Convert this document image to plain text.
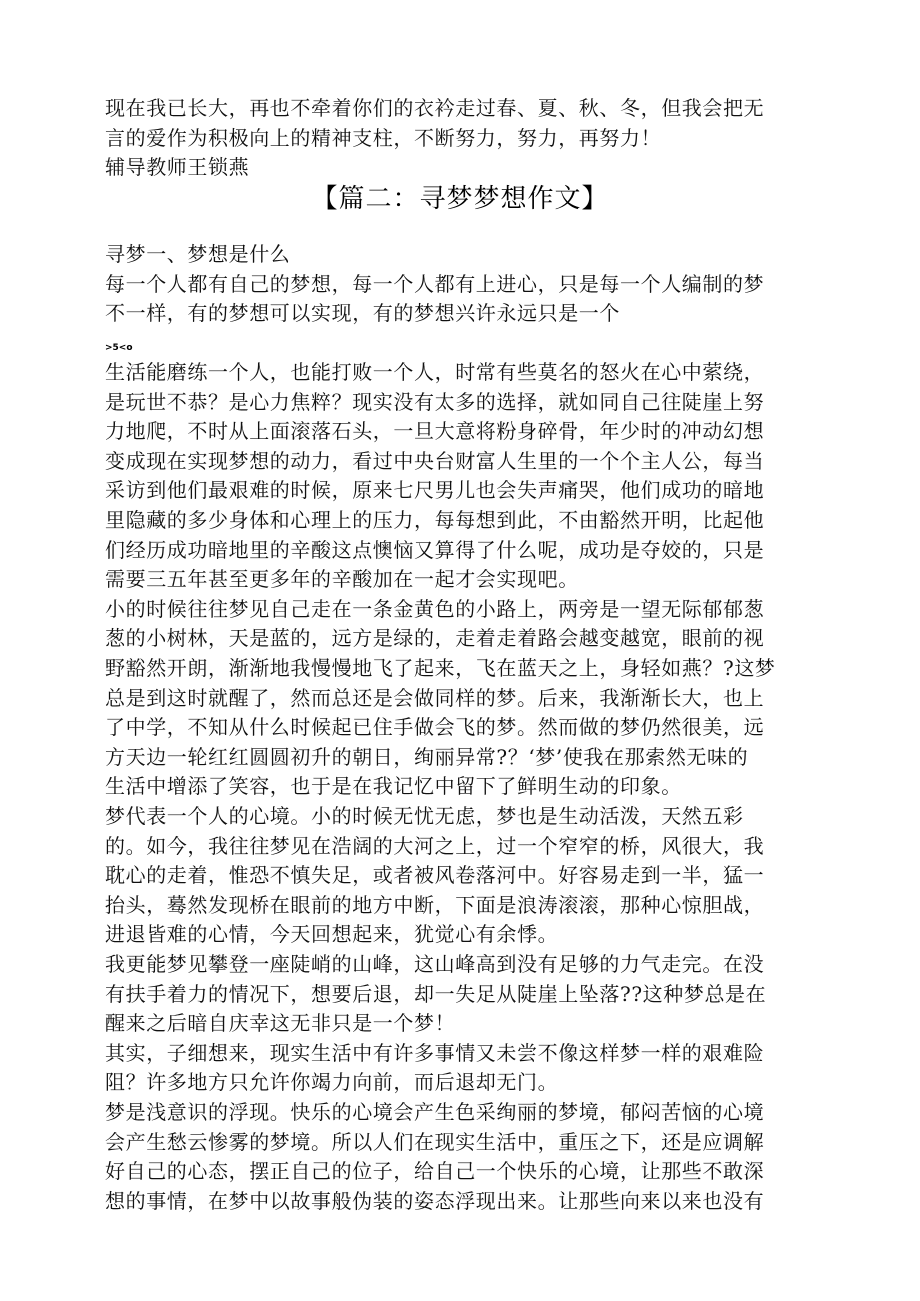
现在我已长大，再也不牵着你们的衣衿走过春、夏、秋、冬，但我会把无
言的爱作为积极向上的精神支柱，不断努力，努力，再努力！
辅导教师王锁燕
【篇二：寻梦梦想作文】
寻梦一、梦想是什么
每一个人都有自己的梦想，每一个人都有上进心，只是每一个人编制的梦
不一样，有的梦想可以实现，有的梦想兴许永远只是一个
>5<o
生活能磨练一个人，也能打败一个人，时常有些莫名的怒火在心中萦绕，
是玩世不恭？是心力焦粹？现实没有太多的选择，就如同自己往陡崖上努
力地爬，不时从上面滚落石头，一旦大意将粉身碎骨，年少时的冲动幻想
变成现在实现梦想的动力，看过中央台财富人生里的一个个主人公，每当
采访到他们最艰难的时候，原来七尺男儿也会失声痛哭，他们成功的暗地
里隐藏的多少身体和心理上的压力，每每想到此，不由豁然开明，比起他
们经历成功暗地里的辛酸这点懊恼又算得了什么呢，成功是夺姣的，只是
需要三五年甚至更多年的辛酸加在一起才会实现吧。
小的时候往往梦见自己走在一条金黄色的小路上，两旁是一望无际郁郁葱
葱的小树林，天是蓝的，远方是绿的，走着走着路会越变越宽，眼前的视
野豁然开朗，渐渐地我慢慢地飞了起来，飞在蓝天之上，身轻如燕？?这梦
总是到这时就醒了，然而总还是会做同样的梦。后来，我渐渐长大，也上
了中学，不知从什么时候起已住手做会飞的梦。然而做的梦仍然很美，远
方天边一轮红红圆圆初升的朝日，绚丽异常?？‘梦’使我在那索然无味的
生活中增添了笑容，也于是在我记忆中留下了鲜明生动的印象。
梦代表一个人的心境。小的时候无忧无虑，梦也是生动活泼，天然五彩
的。如今，我往往梦见在浩阔的大河之上，过一个窄窄的桥，风很大，我
耽心的走着，惟恐不慎失足，或者被风卷落河中。好容易走到一半，猛一
抬头，蓦然发现桥在眼前的地方中断，下面是浪涛滚滚，那种心惊胆战，
进退皆难的心情，今天回想起来，犹觉心有余悸。
我更能梦见攀登一座陡峭的山峰，这山峰高到没有足够的力气走完。在没
有扶手着力的情况下，想要后退，却一失足从陡崖上坠落??这种梦总是在
醒来之后暗自庆幸这无非只是一个梦！
其实，子细想来，现实生活中有许多事情又未尝不像这样梦一样的艰难险
阻？许多地方只允许你竭力向前，而后退却无门。
梦是浅意识的浮现。快乐的心境会产生色采绚丽的梦境，郁闷苦恼的心境
会产生愁云惨雾的梦境。所以人们在现实生活中，重压之下，还是应调解
好自己的心态，摆正自己的位子，给自己一个快乐的心境，让那些不敢深
想的事情，在梦中以故事般伪装的姿态浮现出来。让那些向来以来也没有
